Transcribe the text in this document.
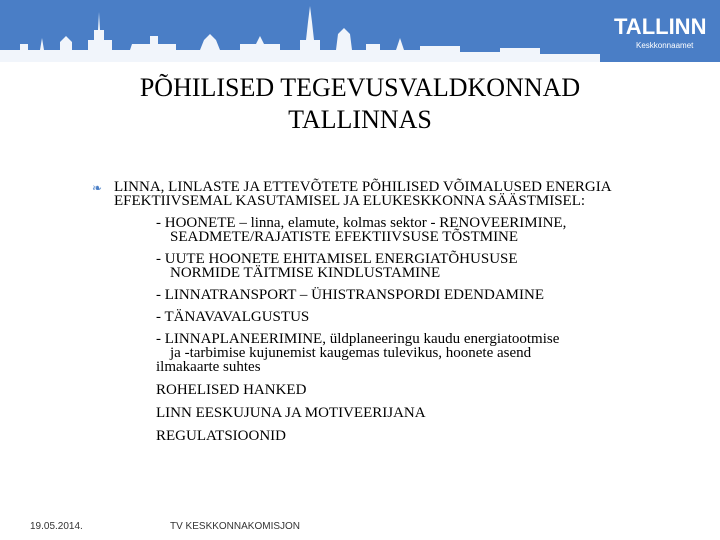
TALLINN
Keskkonnaamet
PÕHILISED TEGEVUSVALDKONNAD
TALLINNAS
❧ LINNA, LINLASTE JA ETTEVÕTETE PÕHILISED VÕIMALUSED ENERGIA EFEKTIIVSEMAL KASUTAMISEL JA ELUKESKKONNA SÄÄSTMISEL:
- HOONETE – linna, elamute, kolmas sektor - RENOVEERIMINE,
SEADMETE/RAJATISTE EFEKTIIVSUSE TÕSTMINE
- UUTE HOONETE EHITAMISEL ENERGIATÕHUSUSE
NORMIDE TÄITMISE KINDLUSTAMINE
- LINNATRANSPORT – ÜHISTRANSPORDI EDENDAMINE
- TÄNAVAVALGUSTUS
- LINNAPLANEERIMINE, üldplaneeringu kaudu energiatootmise
ja -tarbimise kujunemist kaugemas tulevikus, hoonete asend
ilmakaarte suhtes
ROHELISED HANKED
LINN EESKUJUNA JA MOTIVEERIJANA
REGULATSIOONID
19.05.2014.	TV KESKKONNAKOMISJON
